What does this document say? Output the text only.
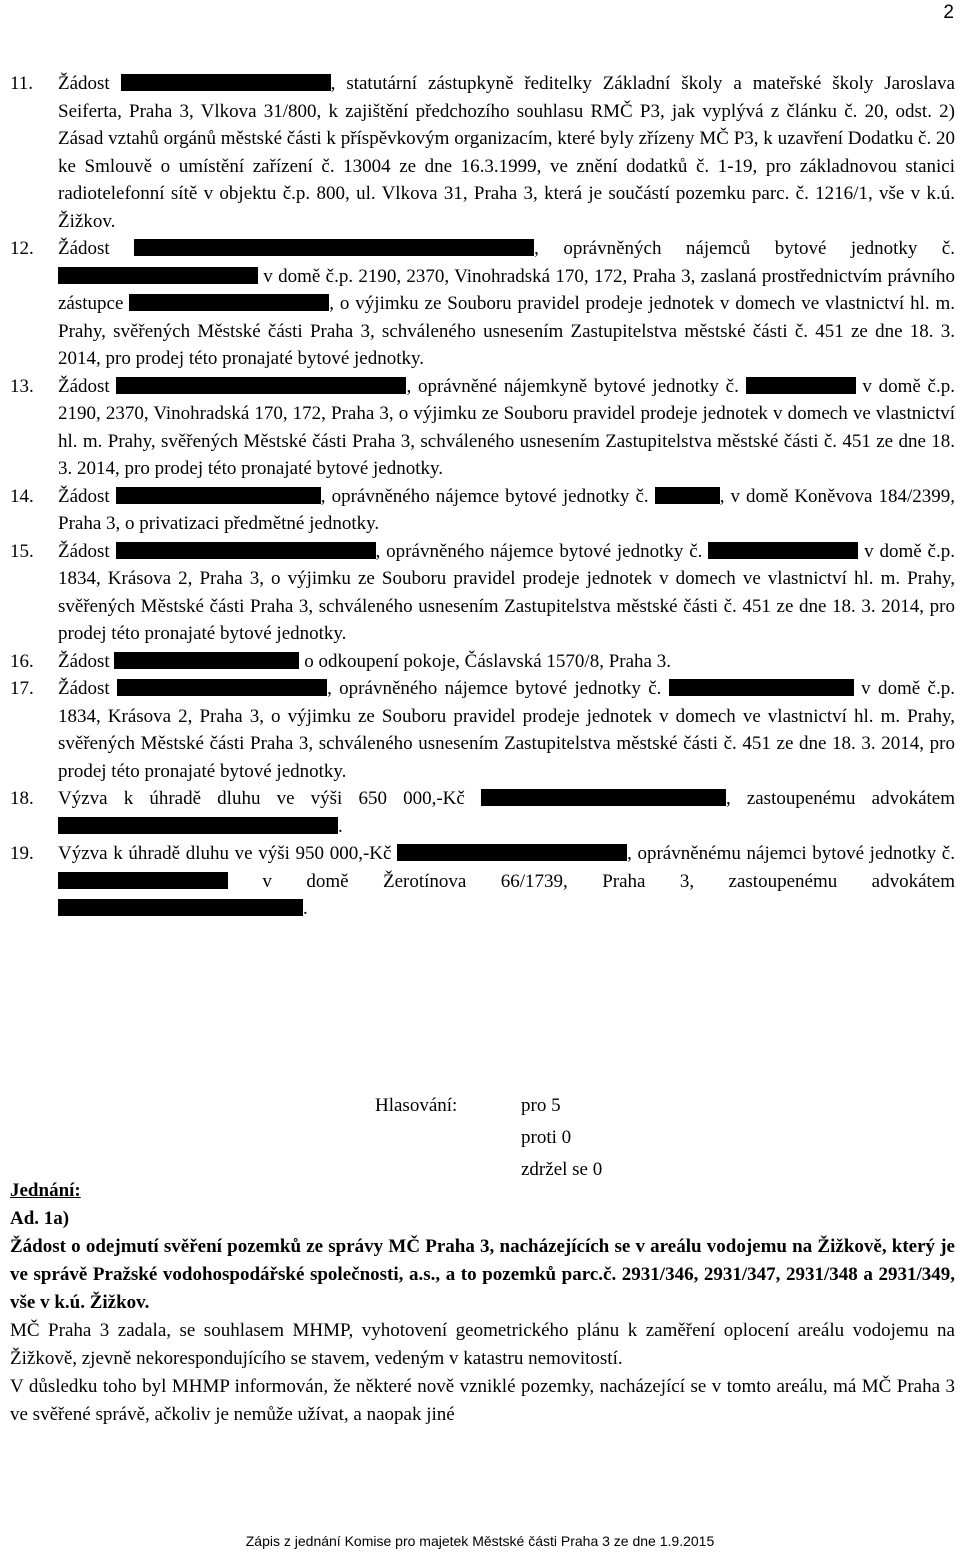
2
11.	Žádost	, statutární zástupkyně ředitelky Základní školy a mateřské školy Jaroslava Seiferta, Praha 3, Vlkova 31/800, k zajištění předchozího souhlasu RMČ P3, jak vyplývá z článku č. 20, odst. 2) Zásad vztahů orgánů městské části k příspěvkovým organizacím, které byly zřízeny MČ P3, k uzavření Dodatku č. 20 ke Smlouvě o umístění zařízení č. 13004 ze dne 16.3.1999, ve znění dodatků č. 1-19, pro základnovou stanici radiotelefonní sítě v objektu č.p. 800, ul. Vlkova 31, Praha 3, která je součástí pozemku parc. č. 1216/1, vše v k.ú. Žižkov.
12.	Žádost	, oprávněných nájemců bytové jednotky č.  v domě č.p. 2190, 2370, Vinohradská 170, 172, Praha 3, zaslaná prostřednictvím právního zástupce	, o výjimku ze Souboru pravidel prodeje jednotek v domech ve vlastnictví hl. m. Prahy, svěřených Městské části Praha 3, schváleného usnesením Zastupitelstva městské části č. 451 ze dne 18. 3. 2014, pro prodej této pronajaté bytové jednotky.
13.	Žádost	, oprávněné nájemkyně bytové jednotky č.	v domě č.p. 2190, 2370, Vinohradská 170, 172, Praha 3, o výjimku ze Souboru pravidel prodeje jednotek v domech ve vlastnictví hl. m. Prahy, svěřených Městské části Praha 3, schváleného usnesením Zastupitelstva městské části č. 451 ze dne 18. 3. 2014, pro prodej této pronajaté bytové jednotky.
14.	Žádost	, oprávněného nájemce bytové jednotky č.	, v domě Koněvova 184/2399, Praha 3, o privatizaci předmětné jednotky.
15.	Žádost	, oprávněného nájemce bytové jednotky č.	v domě č.p. 1834, Krásova 2, Praha 3, o výjimku ze Souboru pravidel prodeje jednotek v domech ve vlastnictví hl. m. Prahy, svěřených Městské části Praha 3, schváleného usnesením Zastupitelstva městské části č. 451 ze dne 18. 3. 2014, pro prodej této pronajaté bytové jednotky.
16.	Žádost	o odkoupení pokoje, Čáslavská 1570/8, Praha 3.
17.	Žádost	, oprávněného nájemce bytové jednotky č.	v domě č.p. 1834, Krásova 2, Praha 3, o výjimku ze Souboru pravidel prodeje jednotek v domech ve vlastnictví hl. m. Prahy, svěřených Městské části Praha 3, schváleného usnesením Zastupitelstva městské části č. 451 ze dne 18. 3. 2014, pro prodej této pronajaté bytové jednotky.
18.	Výzva k úhradě dluhu ve výši 650 000,-Kč	, zastoupenému advokátem .
19.	Výzva k úhradě dluhu ve výši 950 000,-Kč	, oprávněnému nájemci bytové jednotky č.  v domě Žerotínova 66/1739, Praha 3, zastoupenému advokátem .
Hlasování:	pro 5
proti 0
zdržel se 0
Jednání:
Ad. 1a)
Žádost o odejmutí svěření pozemků ze správy MČ Praha 3, nacházejících se v areálu vodojemu na Žižkově, který je ve správě Pražské vodohospodářské společnosti, a.s., a to pozemků parc.č. 2931/346, 2931/347, 2931/348 a 2931/349, vše v k.ú. Žižkov.
MČ Praha 3 zadala, se souhlasem MHMP, vyhotovení geometrického plánu k zaměření oplocení areálu vodojemu na Žižkově, zjevně nekorespondujícího se stavem, vedeným v katastru nemovitostí.
V důsledku toho byl MHMP informován, že některé nově vzniklé pozemky, nacházející se v tomto areálu, má MČ Praha 3 ve svěřené správě, ačkoliv je nemůže užívat, a naopak jiné
Zápis z jednání Komise pro majetek Městské části Praha 3 ze dne 1.9.2015
